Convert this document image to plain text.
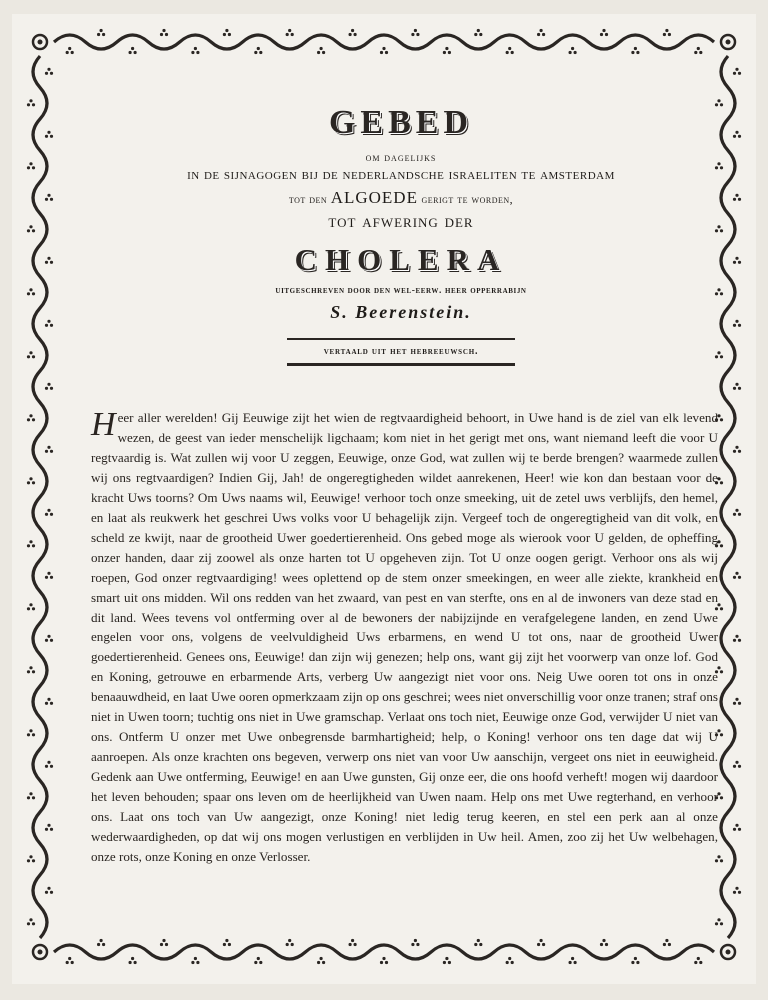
GEBED
om dagelijks
in de sijnagogen bij de nederlandsche israeliten te amsterdam
tot den ALGOEDE gerigt te worden,
tot afwering der
CHOLERA
uitgeschreven door den wel-eerw. heer opperrabijn
S. Beerenstein.
vertaald uit het hebreeuwsch.
Heer aller werelden! Gij Eeuwige zijt het wien de regtvaardigheid behoort, in Uwe hand is de ziel van elk levend wezen, de geest van ieder menschelijk ligchaam; kom niet in het gerigt met ons, want niemand leeft die voor U regtvaardig is. Wat zullen wij voor U zeggen, Eeuwige, onze God, wat zullen wij te berde brengen? waarmede zullen wij ons regtvaardigen? Indien Gij, Jah! de ongeregtigheden wildet aanrekenen, Heer! wie kon dan bestaan voor de kracht Uws toorns? Om Uws naams wil, Eeuwige! verhoor toch onze smeeking, uit de zetel uws verblijfs, den hemel, en laat als reukwerk het geschrei Uws volks voor U behagelijk zijn. Vergeef toch de ongeregtigheid van dit volk, en scheld ze kwijt, naar de grootheid Uwer goedertierenheid. Ons gebed moge als wierook voor U gelden, de opheffing onzer handen, daar zij zoowel als onze harten tot U opgeheven zijn. Tot U onze oogen gerigt. Verhoor ons als wij roepen, God onzer regtvaardiging! wees oplettend op de stem onzer smeekingen, en weer alle ziekte, krankheid en smart uit ons midden. Wil ons redden van het zwaard, van pest en van sterfte, ons en al de inwoners van deze stad en dit land. Wees tevens vol ontferming over al de bewoners der nabijzijnde en verafgelegene landen, en zend Uwe engelen voor ons, volgens de veelvuldigheid Uws erbarmens, en wend U tot ons, naar de grootheid Uwer goedertierenheid. Genees ons, Eeuwige! dan zijn wij genezen; help ons, want gij zijt het voorwerp van onze lof. God en Koning, getrouwe en erbarmende Arts, verberg Uw aangezigt niet voor ons. Neig Uwe ooren tot ons in onze benaauwdheid, en laat Uwe ooren opmerkzaam zijn op ons geschrei; wees niet onverschillig voor onze tranen; straf ons niet in Uwen toorn; tuchtig ons niet in Uwe gramschap. Verlaat ons toch niet, Eeuwige onze God, verwijder U niet van ons. Ontferm U onzer met Uwe onbegrensde barmhartigheid; help, o Koning! verhoor ons ten dage dat wij U aanroepen. Als onze krachten ons begeven, verwerp ons niet van voor Uw aanschijn, vergeet ons niet in eeuwigheid. Gedenk aan Uwe ontferming, Eeuwige! en aan Uwe gunsten, Gij onze eer, die ons hoofd verheft! mogen wij daardoor het leven behouden; spaar ons leven om de heerlijkheid van Uwen naam. Help ons met Uwe regterhand, en verhoor ons. Laat ons toch van Uw aangezigt, onze Koning! niet ledig terug keeren, en stel een perk aan al onze wederwaardigheden, op dat wij ons mogen verlustigen en verblijden in Uw heil. Amen, zoo zij het Uw welbehagen, onze rots, onze Koning en onze Verlosser.
